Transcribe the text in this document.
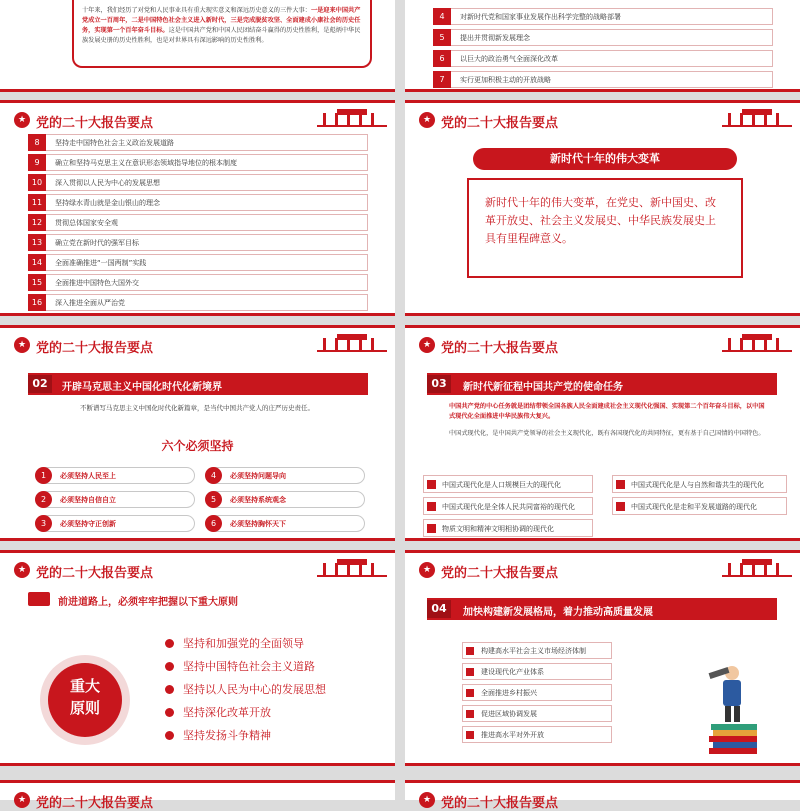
十年来，我们经历了对党和人民事业具有重大现实意义和深远历史意义的三件大事：一是迎来中国共产党成立一百周年，二是中国特色社会主义进入新时代，三是完成脱贫攻坚、全面建成小康社会的历史任务，实现第一个百年奋斗目标。这是中国共产党和中国人民团结奋斗赢得的历史性胜利，是彪炳中华民族发展史册的历史性胜利，也是对世界具有深远影响的历史性胜利。
4	对新时代党和国家事业发展作出科学完整的战略部署
5	提出并贯彻新发展理念
6	以巨大的政治勇气全面深化改革
7	实行更加积极主动的开放战略
★ 党的二十大报告要点
8	坚持走中国特色社会主义政治发展道路
9	确立和坚持马克思主义在意识形态领域指导地位的根本制度
10	深入贯彻以人民为中心的发展思想
11	坚持绿水青山就是金山银山的理念
12	贯彻总体国家安全观
13	确立党在新时代的强军目标
14	全面准确推进“一国两制”实践
15	全面推进中国特色大国外交
16	深入推进全面从严治党
★ 党的二十大报告要点
新时代十年的伟大变革
新时代十年的伟大变革，在党史、新中国史、改革开放史、社会主义发展史、中华民族发展史上具有里程碑意义。
★ 党的二十大报告要点
02	开辟马克思主义中国化时代化新境界
不断谱写马克思主义中国化时代化新篇章，是当代中国共产党人的庄严历史责任。
六个必须坚持
1	必须坚持人民至上
2	必须坚持自信自立
3	必须坚持守正创新
4	必须坚持问题导向
5	必须坚持系统观念
6	必须坚持胸怀天下
★ 党的二十大报告要点
03	新时代新征程中国共产党的使命任务
中国共产党的中心任务就是团结带领全国各族人民全面建成社会主义现代化强国、实现第二个百年奋斗目标，以中国式现代化全面推进中华民族伟大复兴。
中国式现代化，是中国共产党领导的社会主义现代化，既有各国现代化的共同特征，更有基于自己国情的中国特色。
中国式现代化是人口规模巨大的现代化	中国式现代化是人与自然和谐共生的现代化
中国式现代化是全体人民共同富裕的现代化	中国式现代化是走和平发展道路的现代化
物质文明和精神文明相协调的现代化
★ 党的二十大报告要点
前进道路上，必须牢牢把握以下重大原则
重大
原则
坚持和加强党的全面领导
坚持中国特色社会主义道路
坚持以人民为中心的发展思想
坚持深化改革开放
坚持发扬斗争精神
★ 党的二十大报告要点
04	加快构建新发展格局，着力推动高质量发展
构建高水平社会主义市场经济体制
建设现代化产业体系
全面推进乡村振兴
促进区域协调发展
推进高水平对外开放
★ 党的二十大报告要点	★ 党的二十大报告要点
